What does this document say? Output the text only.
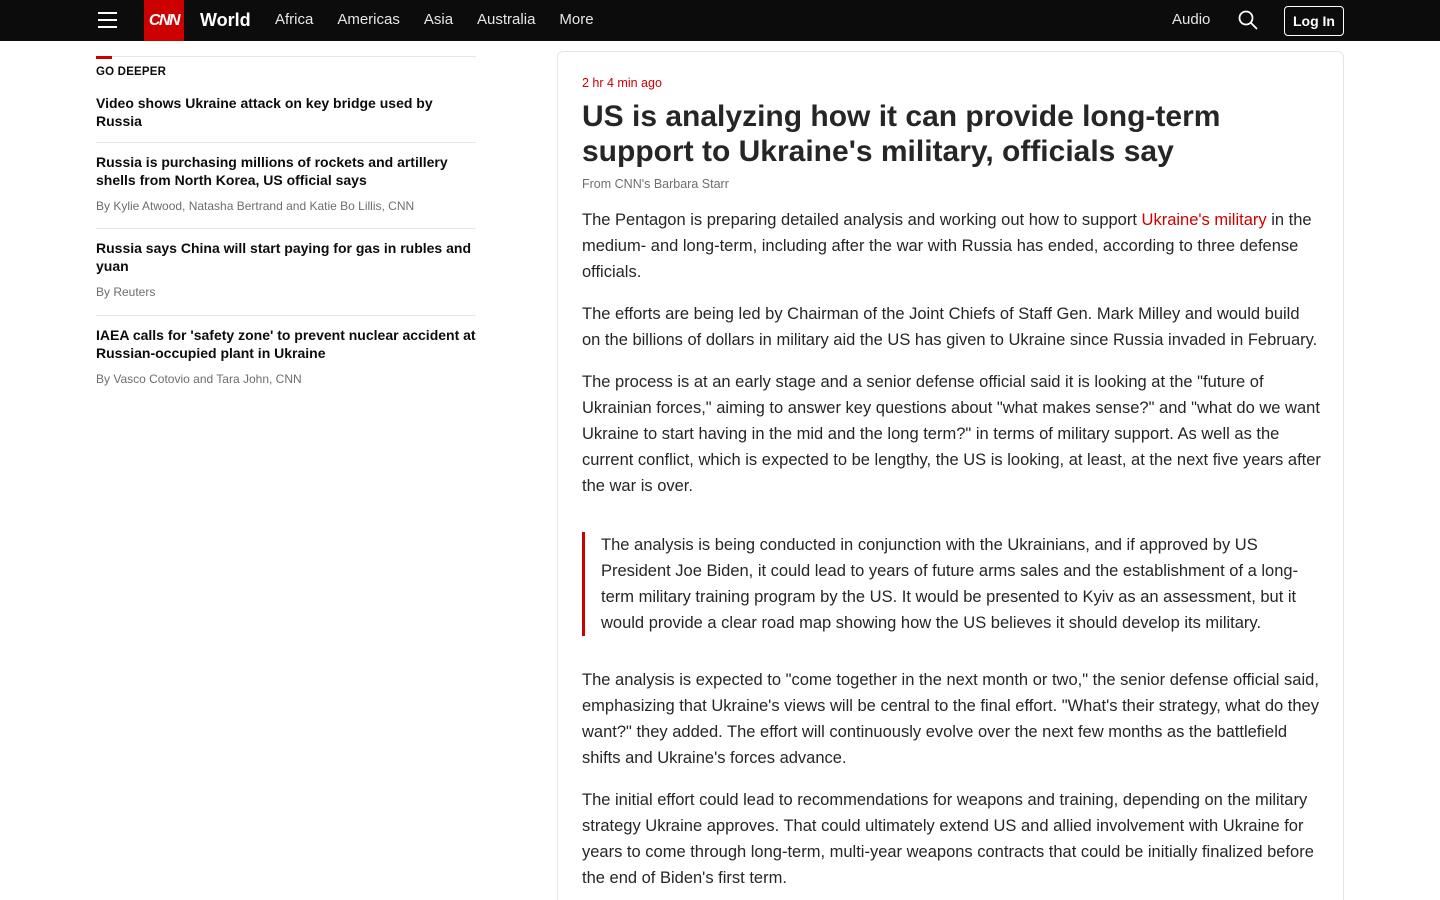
CNN World Africa Americas Asia Australia More	Audio	Log In
GO DEEPER
Video shows Ukraine attack on key bridge used by Russia
Russia is purchasing millions of rockets and artillery shells from North Korea, US official says
By Kylie Atwood, Natasha Bertrand and Katie Bo Lillis, CNN
Russia says China will start paying for gas in rubles and yuan
By Reuters
IAEA calls for 'safety zone' to prevent nuclear accident at Russian-occupied plant in Ukraine
By Vasco Cotovio and Tara John, CNN
2 hr 4 min ago
US is analyzing how it can provide long-term support to Ukraine's military, officials say
From CNN's Barbara Starr

The Pentagon is preparing detailed analysis and working out how to support Ukraine's military in the medium- and long-term, including after the war with Russia has ended, according to three defense officials.

The efforts are being led by Chairman of the Joint Chiefs of Staff Gen. Mark Milley and would build on the billions of dollars in military aid the US has given to Ukraine since Russia invaded in February.

The process is at an early stage and a senior defense official said it is looking at the "future of Ukrainian forces," aiming to answer key questions about "what makes sense?" and "what do we want Ukraine to start having in the mid and the long term?" in terms of military support. As well as the current conflict, which is expected to be lengthy, the US is looking, at least, at the next five years after the war is over.

The analysis is being conducted in conjunction with the Ukrainians, and if approved by US President Joe Biden, it could lead to years of future arms sales and the establishment of a long-term military training program by the US. It would be presented to Kyiv as an assessment, but it would provide a clear road map showing how the US believes it should develop its military.

The analysis is expected to "come together in the next month or two," the senior defense official said, emphasizing that Ukraine's views will be central to the final effort. "What's their strategy, what do they want?" they added. The effort will continuously evolve over the next few months as the battlefield shifts and Ukraine's forces advance.

The initial effort could lead to recommendations for weapons and training, depending on the military strategy Ukraine approves. That could ultimately extend US and allied involvement with Ukraine for years to come through long-term, multi-year weapons contracts that could be initially finalized before the end of Biden's first term.
